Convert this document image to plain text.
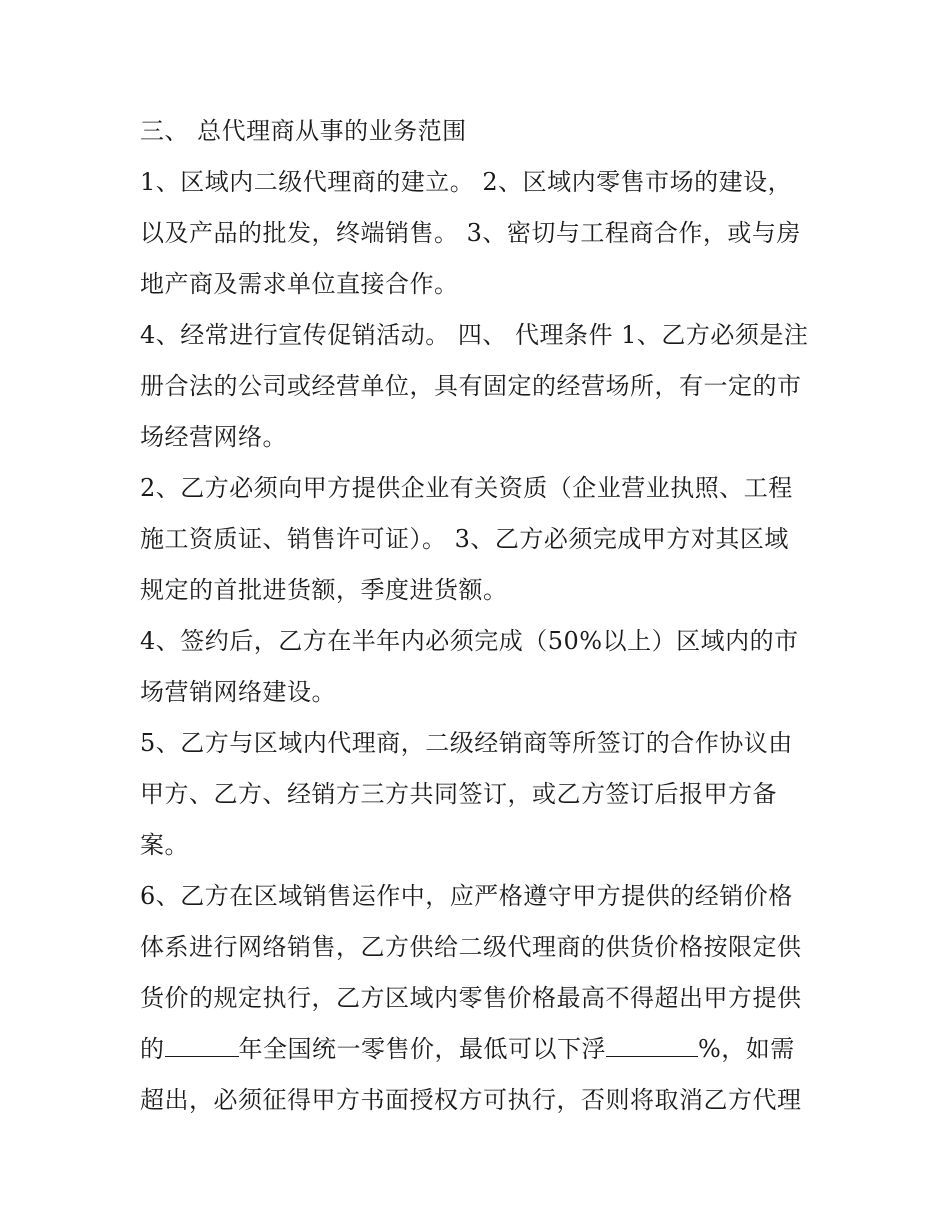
三、 总代理商从事的业务范围
1、区域内二级代理商的建立。 2、区域内零售市场的建设，
以及产品的批发，终端销售。 3、密切与工程商合作，或与房
地产商及需求单位直接合作。
4、经常进行宣传促销活动。 四、 代理条件 1、乙方必须是注
册合法的公司或经营单位，具有固定的经营场所，有一定的市
场经营网络。
2、乙方必须向甲方提供企业有关资质（企业营业执照、工程
施工资质证、销售许可证）。 3、乙方必须完成甲方对其区域
规定的首批进货额，季度进货额。
4、签约后，乙方在半年内必须完成（50%以上）区域内的市
场营销网络建设。
5、乙方与区域内代理商，二级经销商等所签订的合作协议由
甲方、乙方、经销方三方共同签订，或乙方签订后报甲方备
案。
6、乙方在区域销售运作中，应严格遵守甲方提供的经销价格
体系进行网络销售，乙方供给二级代理商的供货价格按限定供
货价的规定执行，乙方区域内零售价格最高不得超出甲方提供
的	年全国统一零售价，最低可以下浮	%，如需
超出，必须征得甲方书面授权方可执行，否则将取消乙方代理
